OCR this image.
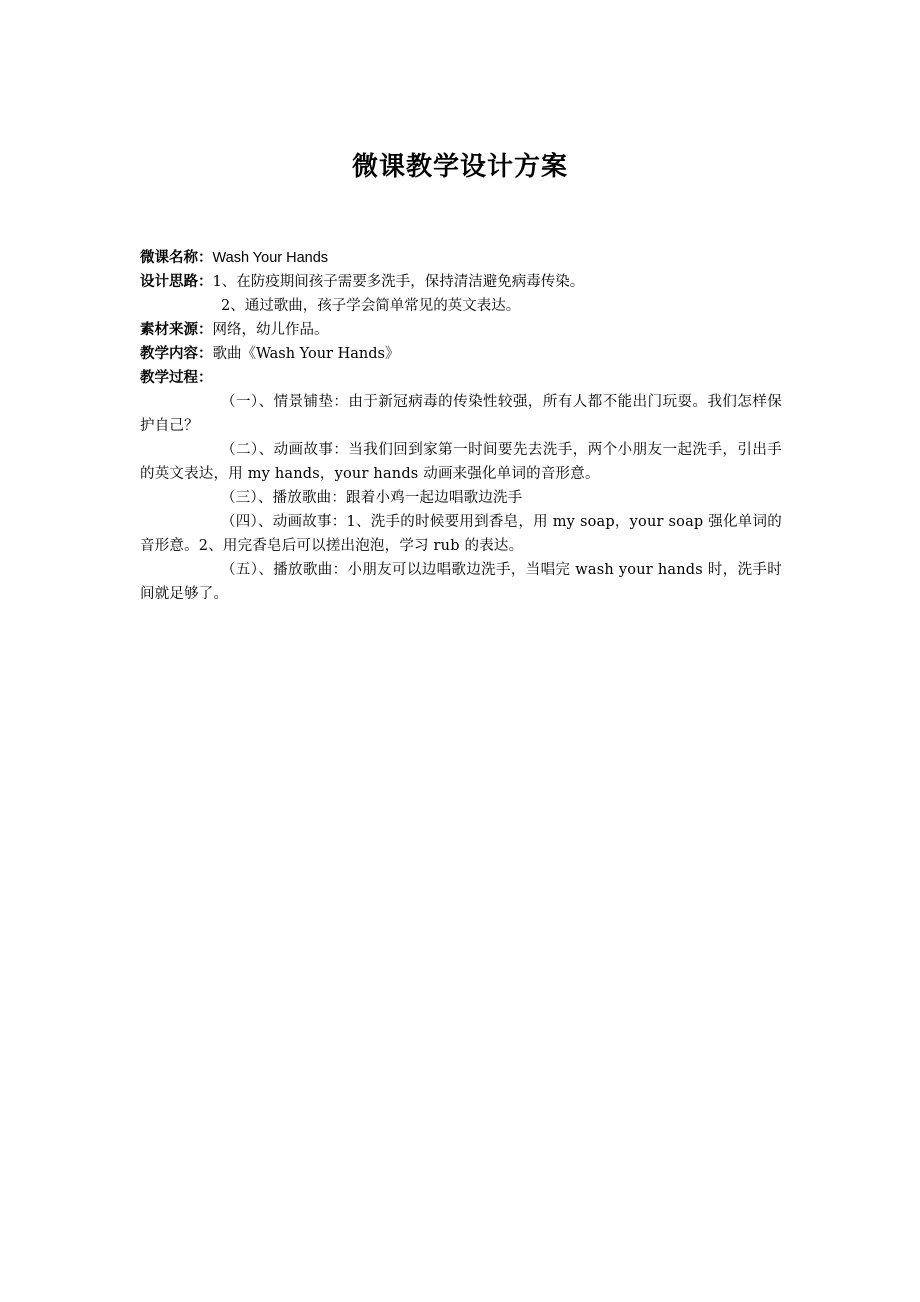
微课教学设计方案
微课名称： Wash Your Hands
设计思路： 1、在防疫期间孩子需要多洗手，保持清洁避免病毒传染。
2、通过歌曲，孩子学会简单常见的英文表达。
素材来源： 网络，幼儿作品。
教学内容： 歌曲《Wash Your Hands》
教学过程：
（一）、情景铺垫：由于新冠病毒的传染性较强，所有人都不能出门玩耍。我们怎样保护自己？
（二）、动画故事：当我们回到家第一时间要先去洗手，两个小朋友一起洗手，引出手的英文表达，用 my hands，your hands 动画来强化单词的音形意。
（三）、播放歌曲：跟着小鸡一起边唱歌边洗手
（四）、动画故事：1、洗手的时候要用到香皂，用 my soap，your soap 强化单词的音形意。2、用完香皂后可以搓出泡泡，学习 rub 的表达。
（五）、播放歌曲：小朋友可以边唱歌边洗手，当唱完 wash your hands 时，洗手时间就足够了。
